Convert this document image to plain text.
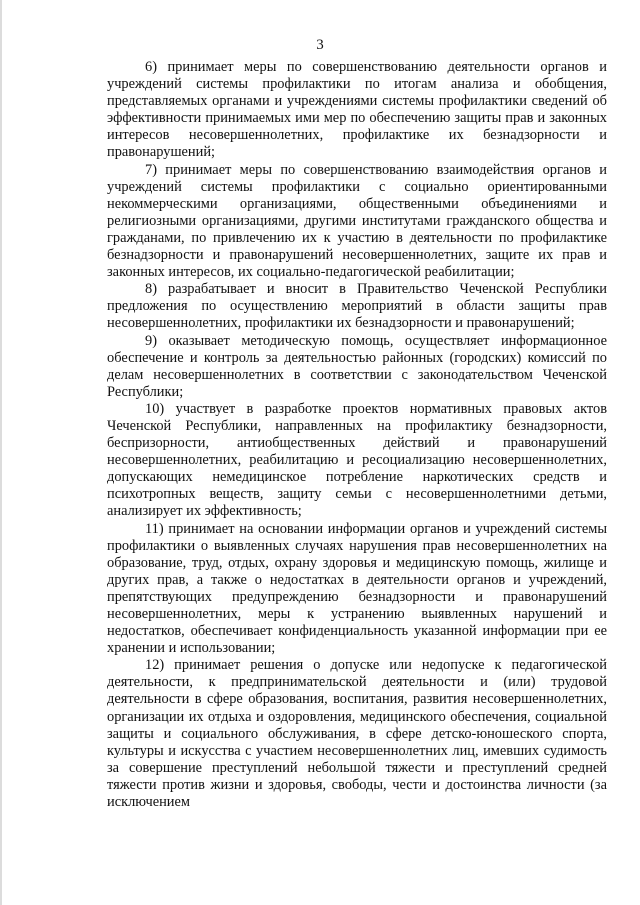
3

6) принимает меры по совершенствованию деятельности органов и учреждений системы профилактики по итогам анализа и обобщения, представляемых органами и учреждениями системы профилактики сведений об эффективности принимаемых ими мер по обеспечению защиты прав и законных интересов несовершеннолетних, профилактике их безнадзорности и правонарушений;

7) принимает меры по совершенствованию взаимодействия органов и учреждений системы профилактики с социально ориентированными некоммерческими организациями, общественными объединениями и религиозными организациями, другими институтами гражданского общества и гражданами, по привлечению их к участию в деятельности по профилактике безнадзорности и правонарушений несовершеннолетних, защите их прав и законных интересов, их социально-педагогической реабилитации;

8) разрабатывает и вносит в Правительство Чеченской Республики предложения по осуществлению мероприятий в области защиты прав несовершеннолетних, профилактики их безнадзорности и правонарушений;

9) оказывает методическую помощь, осуществляет информационное обеспечение и контроль за деятельностью районных (городских) комиссий по делам несовершеннолетних в соответствии с законодательством Чеченской Республики;

10) участвует в разработке проектов нормативных правовых актов Чеченской Республики, направленных на профилактику безнадзорности, беспризорности, антиобщественных действий и правонарушений несовершеннолетних, реабилитацию и ресоциализацию несовершеннолетних, допускающих немедицинское потребление наркотических средств и психотропных веществ, защиту семьи с несовершеннолетними детьми, анализирует их эффективность;

11) принимает на основании информации органов и учреждений системы профилактики о выявленных случаях нарушения прав несовершеннолетних на образование, труд, отдых, охрану здоровья и медицинскую помощь, жилище и других прав, а также о недостатках в деятельности органов и учреждений, препятствующих предупреждению безнадзорности и правонарушений несовершеннолетних, меры к устранению выявленных нарушений и недостатков, обеспечивает конфиденциальность указанной информации при ее хранении и использовании;

12) принимает решения о допуске или недопуске к педагогической деятельности, к предпринимательской деятельности и (или) трудовой деятельности в сфере образования, воспитания, развития несовершеннолетних, организации их отдыха и оздоровления, медицинского обеспечения, социальной защиты и социального обслуживания, в сфере детско-юношеского спорта, культуры и искусства с участием несовершеннолетних лиц, имевших судимость за совершение преступлений небольшой тяжести и преступлений средней тяжести против жизни и здоровья, свободы, чести и достоинства личности (за исключением
